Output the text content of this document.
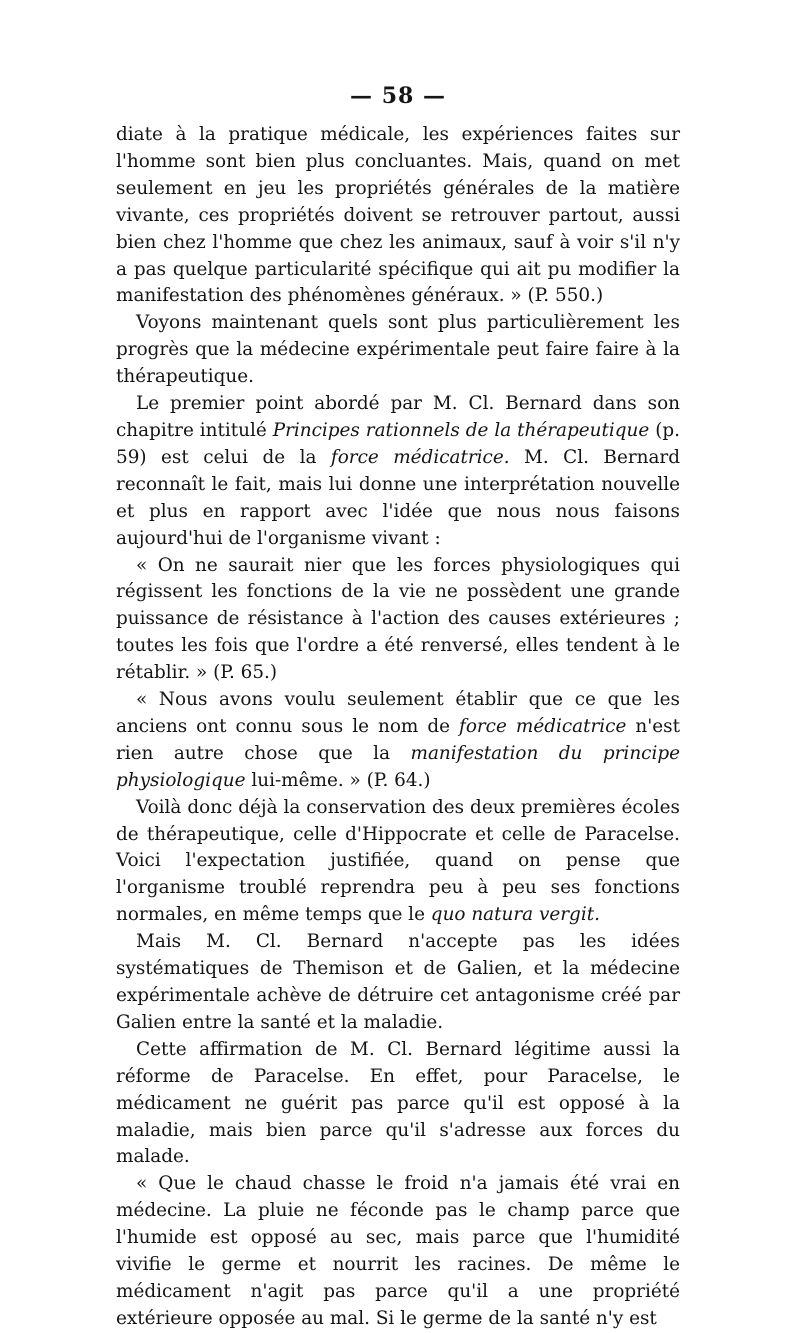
— 58 —

diate à la pratique médicale, les expériences faites sur l'homme sont bien plus concluantes. Mais, quand on met seulement en jeu les propriétés générales de la matière vivante, ces propriétés doivent se retrouver partout, aussi bien chez l'homme que chez les animaux, sauf à voir s'il n'y a pas quelque particularité spécifique qui ait pu modifier la manifestation des phénomènes généraux. » (P. 550.)

Voyons maintenant quels sont plus particulièrement les progrès que la médecine expérimentale peut faire faire à la thérapeutique.

Le premier point abordé par M. Cl. Bernard dans son chapitre intitulé Principes rationnels de la thérapeutique (p. 59) est celui de la force médicatrice. M. Cl. Bernard reconnaît le fait, mais lui donne une interprétation nouvelle et plus en rapport avec l'idée que nous nous faisons aujourd'hui de l'organisme vivant :

« On ne saurait nier que les forces physiologiques qui régissent les fonctions de la vie ne possèdent une grande puissance de résistance à l'action des causes extérieures ; toutes les fois que l'ordre a été renversé, elles tendent à le rétablir. » (P. 65.)

« Nous avons voulu seulement établir que ce que les anciens ont connu sous le nom de force médicatrice n'est rien autre chose que la manifestation du principe physiologique lui-même. » (P. 64.)

Voilà donc déjà la conservation des deux premières écoles de thérapeutique, celle d'Hippocrate et celle de Paracelse. Voici l'expectation justifiée, quand on pense que l'organisme troublé reprendra peu à peu ses fonctions normales, en même temps que le quo natura vergit.

Mais M. Cl. Bernard n'accepte pas les idées systématiques de Themison et de Galien, et la médecine expérimentale achève de détruire cet antagonisme créé par Galien entre la santé et la maladie.

Cette affirmation de M. Cl. Bernard légitime aussi la réforme de Paracelse. En effet, pour Paracelse, le médicament ne guérit pas parce qu'il est opposé à la maladie, mais bien parce qu'il s'adresse aux forces du malade.

« Que le chaud chasse le froid n'a jamais été vrai en médecine. La pluie ne féconde pas le champ parce que l'humide est opposé au sec, mais parce que l'humidité vivifie le germe et nourrit les racines. De même le médicament n'agit pas parce qu'il a une propriété extérieure opposée au mal. Si le germe de la santé n'y est
